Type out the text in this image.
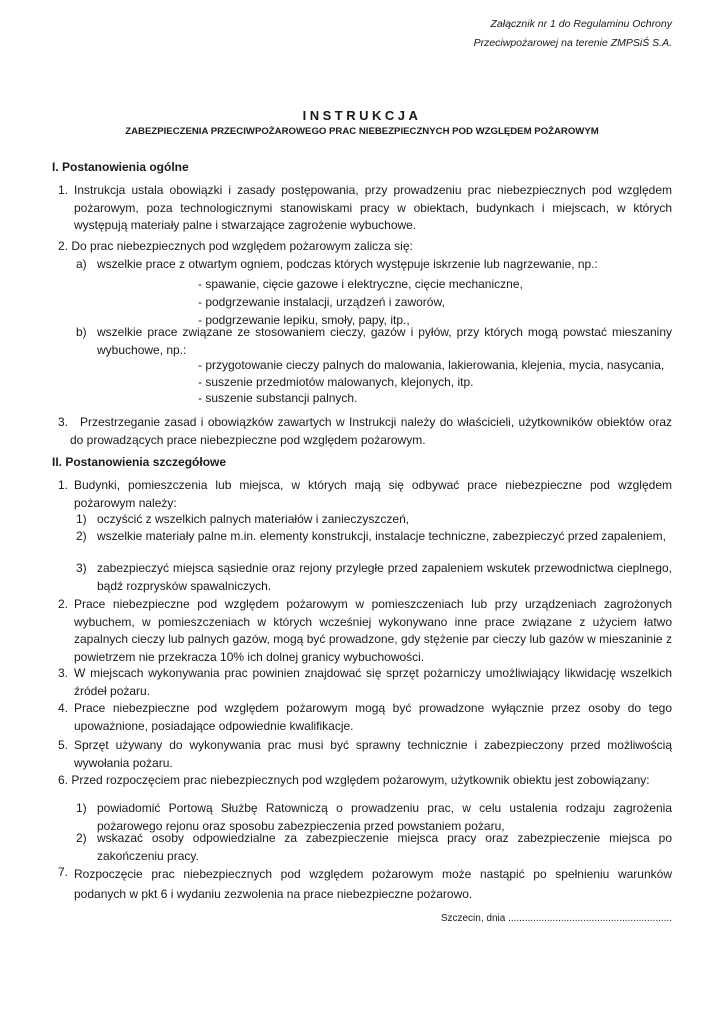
Załącznik nr 1 do Regulaminu Ochrony
Przeciwpożarowej na terenie ZMPSiŚ S.A.
INSTRUKCJA
ZABEZPIECZENIA PRZECIWPOŻAROWEGO PRAC NIEBEZPIECZNYCH POD WZGLĘDEM POŻAROWYM
I. Postanowienia ogólne
1. Instrukcja ustala obowiązki i zasady postępowania, przy prowadzeniu prac niebezpiecznych pod względem pożarowym, poza technologicznymi stanowiskami pracy w obiektach, budynkach i miejscach, w których występują materiały palne i stwarzające zagrożenie wybuchowe.
2. Do prac niebezpiecznych pod względem pożarowym zalicza się:
a) wszelkie prace z otwartym ogniem, podczas których występuje iskrzenie lub nagrzewanie, np.:
- spawanie, cięcie gazowe i elektryczne, cięcie mechaniczne,
- podgrzewanie instalacji, urządzeń i zaworów,
- podgrzewanie lepiku, smoły, papy, itp.,
b) wszelkie prace związane ze stosowaniem cieczy, gazów i pyłów, przy których mogą powstać mieszaniny wybuchowe, np.:
- przygotowanie cieczy palnych do malowania, lakierowania, klejenia, mycia, nasycania,
- suszenie przedmiotów malowanych, klejonych, itp.
- suszenie substancji palnych.
3. Przestrzeganie zasad i obowiązków zawartych w Instrukcji należy do właścicieli, użytkowników obiektów oraz do prowadzących prace niebezpieczne pod względem pożarowym.
II. Postanowienia szczegółowe
1. Budynki, pomieszczenia lub miejsca, w których mają się odbywać prace niebezpieczne pod względem pożarowym należy:
1) oczyścić z wszelkich palnych materiałów i zanieczyszczeń,
2) wszelkie materiały palne m.in. elementy konstrukcji, instalacje techniczne, zabezpieczyć przed zapaleniem,
3) zabezpieczyć miejsca sąsiednie oraz rejony przyległe przed zapaleniem wskutek przewodnictwa cieplnego, bądź rozprysków spawalniczych.
2. Prace niebezpieczne pod względem pożarowym w pomieszczeniach lub przy urządzeniach zagrożonych wybuchem, w pomieszczeniach w których wcześniej wykonywano inne prace związane z użyciem łatwo zapalnych cieczy lub palnych gazów, mogą być prowadzone, gdy stężenie par cieczy lub gazów w mieszaninie z powietrzem nie przekracza 10% ich dolnej granicy wybuchowości.
3. W miejscach wykonywania prac powinien znajdować się sprzęt pożarniczy umożliwiający likwidację wszelkich źródeł pożaru.
4. Prace niebezpieczne pod względem pożarowym mogą być prowadzone wyłącznie przez osoby do tego upoważnione, posiadające odpowiednie kwalifikacje.
5. Sprzęt używany do wykonywania prac musi być sprawny technicznie i zabezpieczony przed możliwością wywołania pożaru.
6. Przed rozpoczęciem prac niebezpiecznych pod względem pożarowym, użytkownik obiektu jest zobowiązany:
1) powiadomić Portową Służbę Ratowniczą o prowadzeniu prac, w celu ustalenia rodzaju zagrożenia pożarowego rejonu oraz sposobu zabezpieczenia przed powstaniem pożaru,
2) wskazać osoby odpowiedzialne za zabezpieczenie miejsca pracy oraz zabezpieczenie miejsca po zakończeniu pracy.
7. Rozpoczęcie prac niebezpiecznych pod względem pożarowym może nastąpić po spełnieniu warunków podanych w pkt 6 i wydaniu zezwolenia na prace niebezpieczne pożarowo.
Szczecin, dnia ...........................................................
